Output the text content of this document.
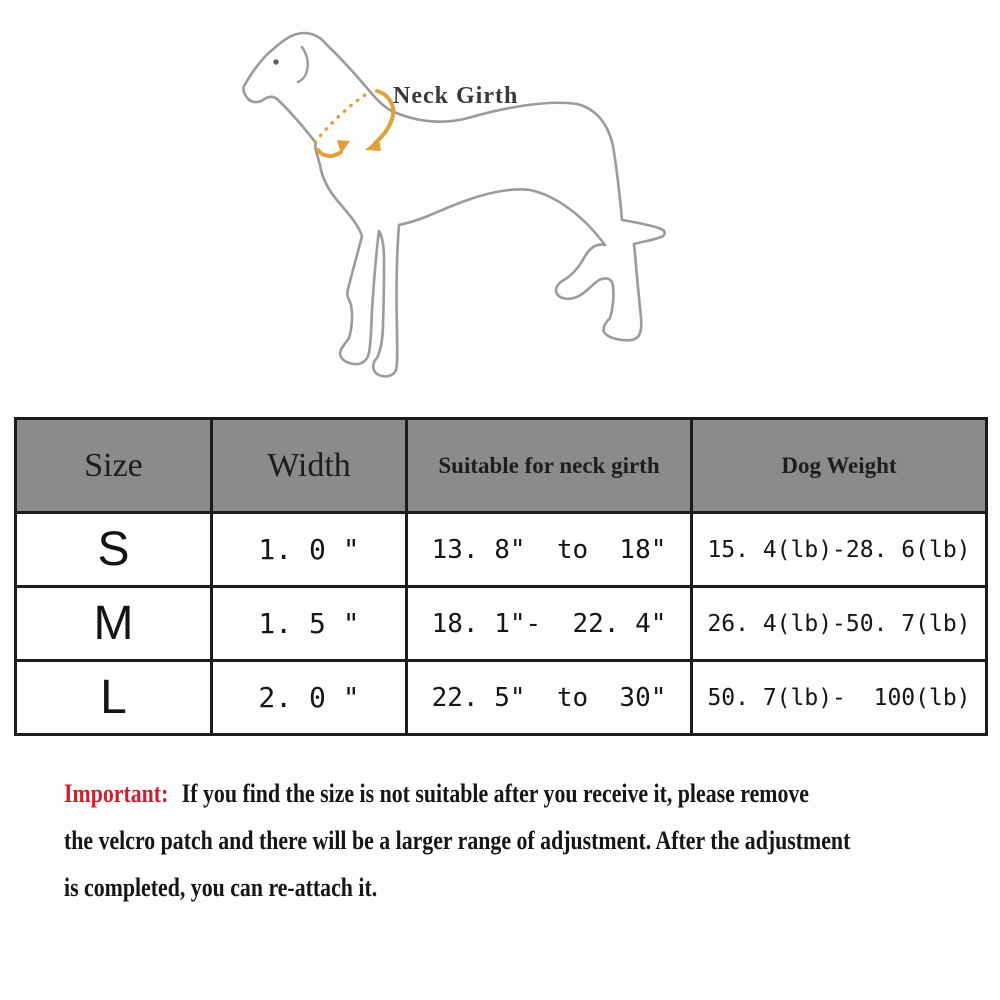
Neck Girth
Size	Width	Suitable for neck girth	Dog Weight
S	1. 0 "	13. 8"  to  18"	15. 4(lb)-28. 6(lb)
M	1. 5 "	18. 1"-  22. 4"	26. 4(lb)-50. 7(lb)
L	2. 0 "	22. 5"  to  30"	50. 7(lb)-  100(lb)
Important: If you find the size is not suitable after you receive it, please remove
the velcro patch and there will be a larger range of adjustment. After the adjustment
is completed, you can re-attach it.
